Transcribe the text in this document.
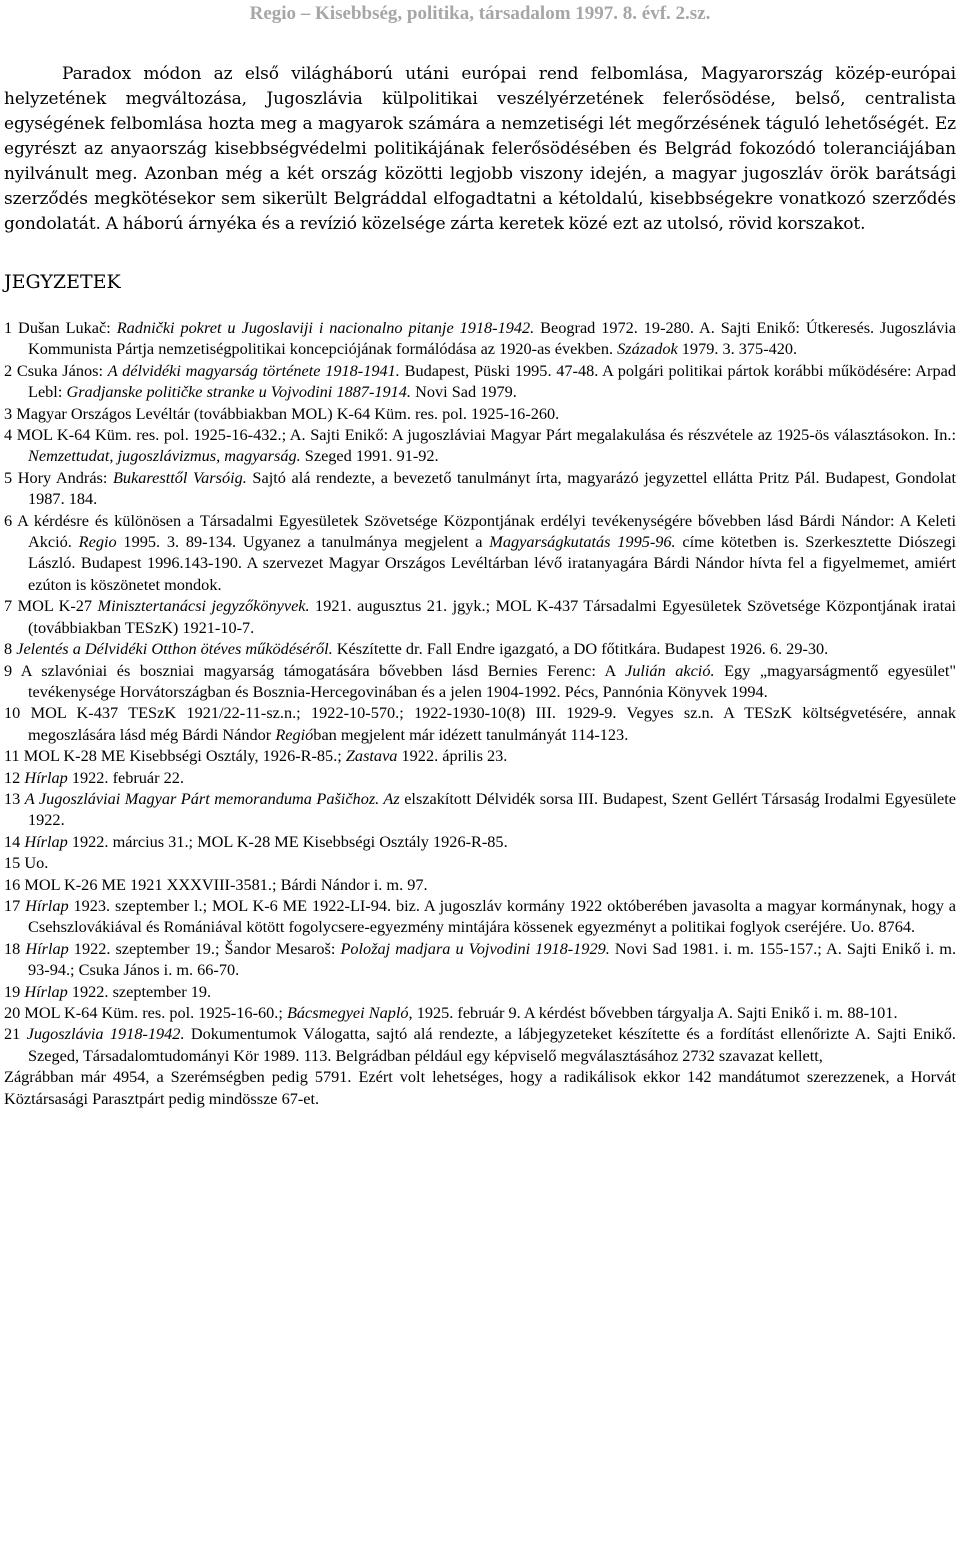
Regio – Kisebbség, politika, társadalom 1997. 8. évf. 2.sz.

Paradox módon az első világháború utáni európai rend felbomlása, Magyarország közép-európai helyzetének megváltozása, Jugoszlávia külpolitikai veszélyérzetének felerősödése, belső, centralista egységének felbomlása hozta meg a magyarok számára a nemzetiségi lét megőrzésének táguló lehetőségét. Ez egyrészt az anyaország kisebbségvédelmi politikájának felerősödésében és Belgrád fokozódó toleranciájában nyilvánult meg. Azonban még a két ország közötti legjobb viszony idején, a magyar jugoszláv örök barátsági szerződés megkötésekor sem sikerült Belgráddal elfogadtatni a kétoldalú, kisebbségekre vonatkozó szerződés gondolatát. A háború árnyéka és a revízió közelsége zárta keretek közé ezt az utolsó, rövid korszakot.

JEGYZETEK

1 Dušan Lukač: Radnički pokret u Jugoslaviji i nacionalno pitanje 1918-1942. Beograd 1972. 19-280. A. Sajti Enikő: Útkeresés. Jugoszlávia Kommunista Pártja nemzetiségpolitikai koncepciójának formálódása az 1920-as években. Századok 1979. 3. 375-420.

2 Csuka János: A délvidéki magyarság története 1918-1941. Budapest, Püski 1995. 47-48. A polgári politikai pártok korábbi működésére: Arpad Lebl: Gradjanske političke stranke u Vojvodini 1887-1914. Novi Sad 1979.

3 Magyar Országos Levéltár (továbbiakban MOL) K-64 Küm. res. pol. 1925-16-260.

4 MOL K-64 Küm. res. pol. 1925-16-432.; A. Sajti Enikő: A jugoszláviai Magyar Párt megalakulása és részvétele az 1925-ös választásokon. In.: Nemzettudat, jugoszlávizmus, magyarság. Szeged 1991. 91-92.

5 Hory András: Bukaresttől Varsóig. Sajtó alá rendezte, a bevezető tanulmányt írta, magyarázó jegyzettel ellátta Pritz Pál. Budapest, Gondolat 1987. 184.

6 A kérdésre és különösen a Társadalmi Egyesületek Szövetsége Központjának erdélyi tevékenységére bővebben lásd Bárdi Nándor: A Keleti Akció. Regio 1995. 3. 89-134. Ugyanez a tanulmánya megjelent a Magyarságkutatás 1995-96. címe kötetben is. Szerkesztette Diószegi László. Budapest 1996.143-190. A szervezet Magyar Országos Levéltárban lévő iratanyagára Bárdi Nándor hívta fel a figyelmemet, amiért ezúton is köszönetet mondok.

7 MOL K-27 Minisztertanácsi jegyzőkönyvek. 1921. augusztus 21. jgyk.; MOL K-437 Társadalmi Egyesületek Szövetsége Központjának iratai (továbbiakban TESzK) 1921-10-7.

8 Jelentés a Délvidéki Otthon ötéves működéséről. Készítette dr. Fall Endre igazgató, a DO főtitkára. Budapest 1926. 6. 29-30.

9 A szlavóniai és boszniai magyarság támogatására bővebben lásd Bernies Ferenc: A Julián akció. Egy „magyarságmentő egyesület" tevékenysége Horvátországban és Bosznia-Hercegovinában és a jelen 1904-1992. Pécs, Pannónia Könyvek 1994.

10 MOL K-437 TESzK 1921/22-11-sz.n.; 1922-10-570.; 1922-1930-10(8) III. 1929-9. Vegyes sz.n. A TESzK költségvetésére, annak megoszlására lásd még Bárdi Nándor Regióban megjelent már idézett tanulmányát 114-123.

11 MOL K-28 ME Kisebbségi Osztály, 1926-R-85.; Zastava 1922. április 23.

12 Hírlap 1922. február 22.

13 A Jugoszláviai Magyar Párt memoranduma Pašičhoz. Az elszakított Délvidék sorsa III. Budapest, Szent Gellért Társaság Irodalmi Egyesülete 1922.

14 Hírlap 1922. március 31.; MOL K-28 ME Kisebbségi Osztály 1926-R-85.

15 Uo.

16 MOL K-26 ME 1921 XXXVIII-3581.; Bárdi Nándor i. m. 97.

17 Hírlap 1923. szeptember l.; MOL K-6 ME 1922-LI-94. biz. A jugoszláv kormány 1922 októberében javasolta a magyar kormánynak, hogy a Csehszlovákiával és Romániával kötött fogolycsere-egyezmény mintájára kössenek egyezményt a politikai foglyok cseréjére. Uo. 8764.

18 Hírlap 1922. szeptember 19.; Šandor Mesaroš: Položaj madjara u Vojvodini 1918-1929. Novi Sad 1981. i. m. 155-157.; A. Sajti Enikő i. m. 93-94.; Csuka János i. m. 66-70.

19 Hírlap 1922. szeptember 19.

20 MOL K-64 Küm. res. pol. 1925-16-60.; Bácsmegyei Napló, 1925. február 9. A kérdést bővebben tárgyalja A. Sajti Enikő i. m. 88-101.

21 Jugoszlávia 1918-1942. Dokumentumok Válogatta, sajtó alá rendezte, a lábjegyzeteket készítette és a fordítást ellenőrizte A. Sajti Enikő. Szeged, Társadalomtudományi Kör 1989. 113. Belgrádban például egy képviselő megválasztásához 2732 szavazat kellett,

Zágrábban már 4954, a Szerémségben pedig 5791. Ezért volt lehetséges, hogy a radikálisok ekkor 142 mandátumot szerezzenek, a Horvát Köztársasági Parasztpárt pedig mindössze 67-et.
